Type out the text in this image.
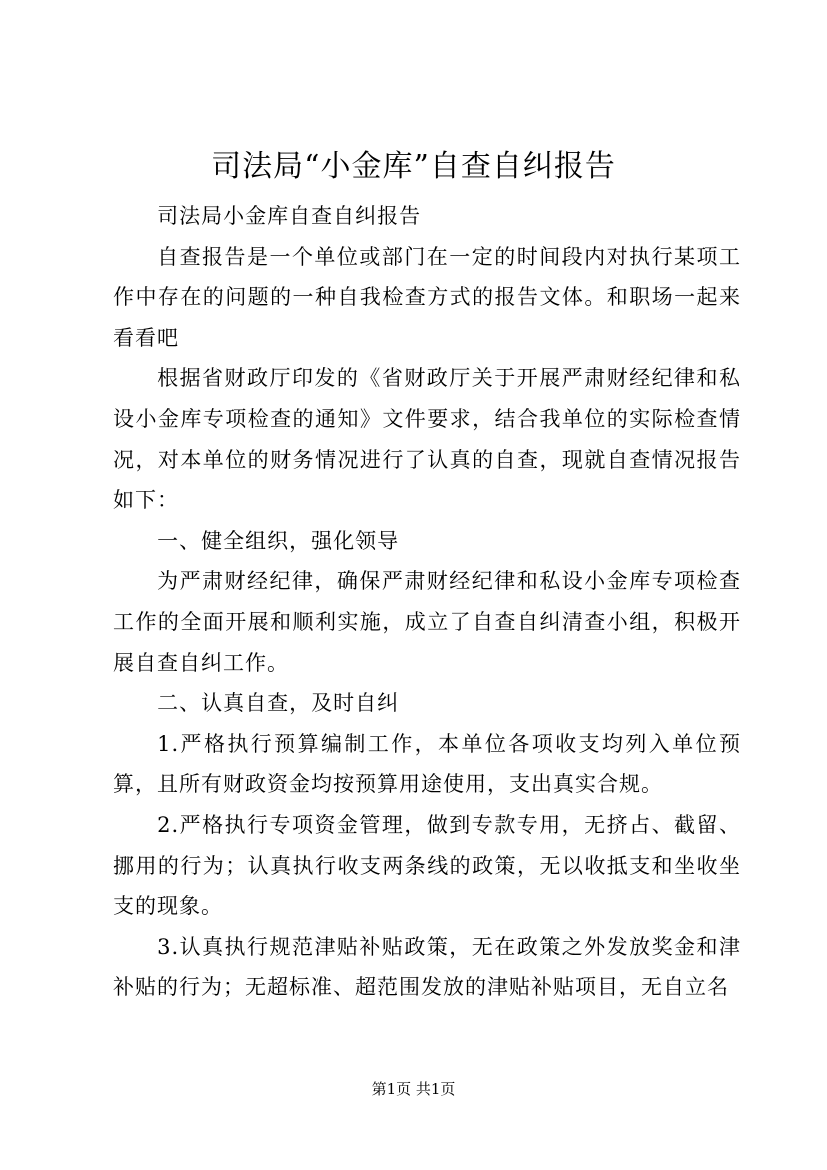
司法局“小金库”自查自纠报告

司法局小金库自查自纠报告

自查报告是一个单位或部门在一定的时间段内对执行某项工作中存在的问题的一种自我检查方式的报告文体。和职场一起来看看吧

根据省财政厅印发的《省财政厅关于开展严肃财经纪律和私设小金库专项检查的通知》文件要求，结合我单位的实际检查情况，对本单位的财务情况进行了认真的自查，现就自查情况报告如下：

一、健全组织，强化领导

为严肃财经纪律，确保严肃财经纪律和私设小金库专项检查工作的全面开展和顺利实施，成立了自查自纠清查小组，积极开展自查自纠工作。

二、认真自查，及时自纠

1.严格执行预算编制工作，本单位各项收支均列入单位预算，且所有财政资金均按预算用途使用，支出真实合规。

2.严格执行专项资金管理，做到专款专用，无挤占、截留、挪用的行为；认真执行收支两条线的政策，无以收抵支和坐收坐支的现象。

3.认真执行规范津贴补贴政策，无在政策之外发放奖金和津补贴的行为；无超标准、超范围发放的津贴补贴项目，无自立名

第1页 共1页
